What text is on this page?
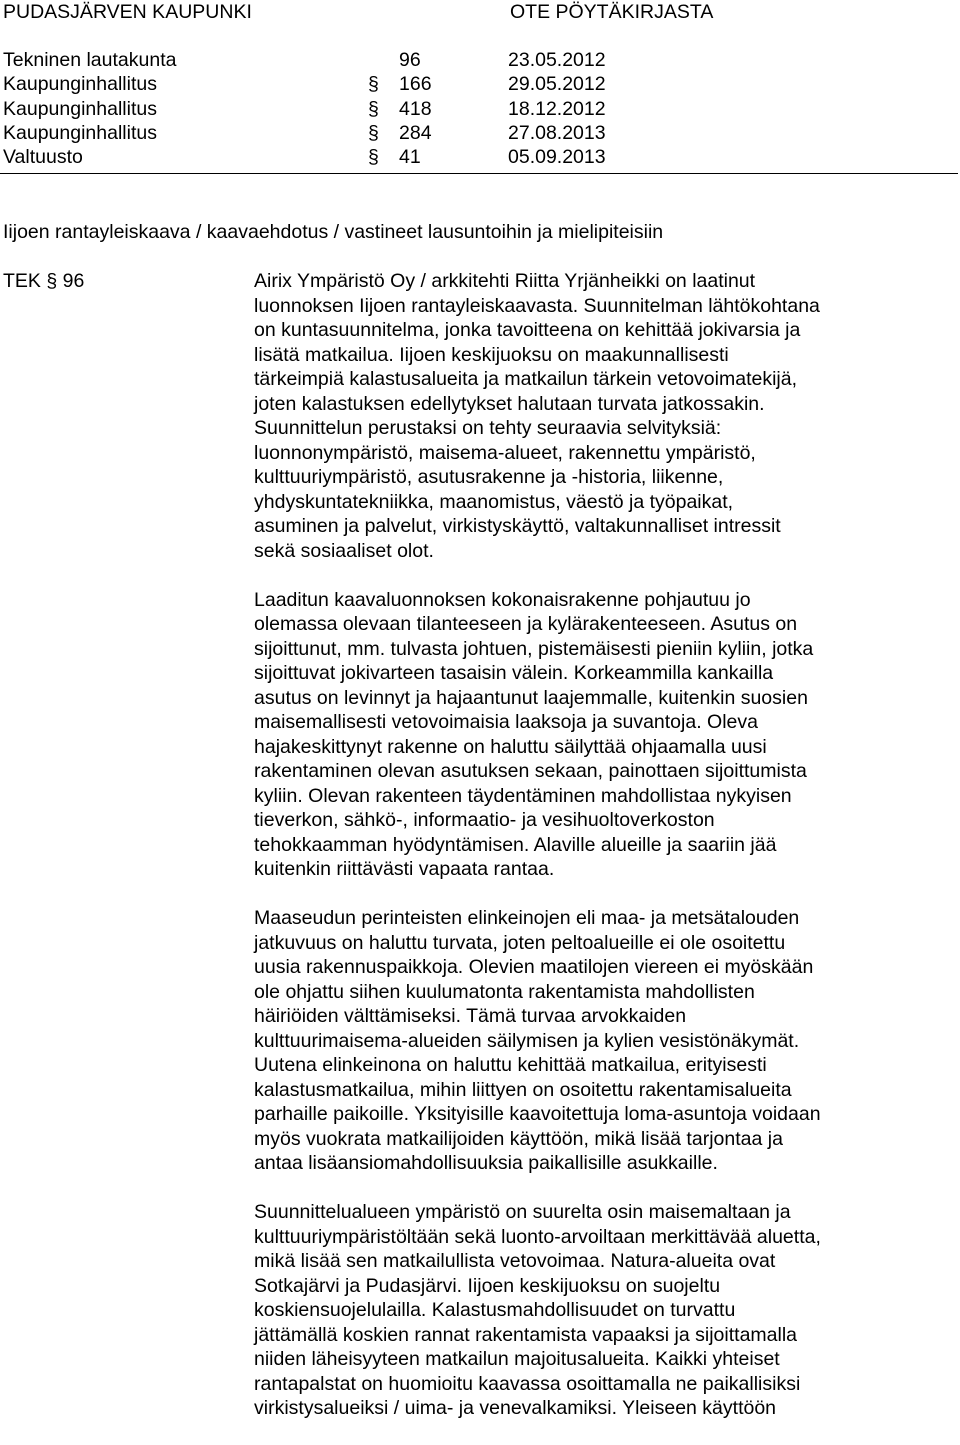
PUDASJÄRVEN KAUPUNKI	OTE PÖYTÄKIRJASTA
Tekninen lautakunta	96	23.05.2012
Kaupunginhallitus	§ 166	29.05.2012
Kaupunginhallitus	§ 418	18.12.2012
Kaupunginhallitus	§ 284	27.08.2013
Valtuusto	§ 41	05.09.2013
Iijoen rantayleiskaava / kaavaehdotus / vastineet lausuntoihin ja mielipiteisiin
TEK § 96	Airix Ympäristö Oy / arkkitehti Riitta Yrjänheikki on laatinut
luonnoksen Iijoen rantayleiskaavasta. Suunnitelman lähtökohtana
on kuntasuunnitelma, jonka tavoitteena on kehittää jokivarsia ja
lisätä matkailua. Iijoen keskijuoksu on maakunnallisesti
tärkeimpiä kalastusalueita ja matkailun tärkein vetovoimatekijä,
joten kalastuksen edellytykset halutaan turvata jatkossakin.
Suunnittelun perustaksi on tehty seuraavia selvityksiä:
luonnonympäristö, maisema-alueet, rakennettu ympäristö,
kulttuuriympäristö, asutusrakenne ja -historia, liikenne,
yhdyskuntatekniikka, maanomistus, väestö ja työpaikat,
asuminen ja palvelut, virkistyskäyttö, valtakunnalliset intressit
sekä sosiaaliset olot.
Laaditun kaavaluonnoksen kokonaisrakenne pohjautuu jo
olemassa olevaan tilanteeseen ja kylärakenteeseen. Asutus on
sijoittunut, mm. tulvasta johtuen, pistemäisesti pieniin kyliin, jotka
sijoittuvat jokivarteen tasaisin välein. Korkeammilla kankailla
asutus on levinnyt ja hajaantunut laajemmalle, kuitenkin suosien
maisemallisesti vetovoimaisia laaksoja ja suvantoja. Oleva
hajakeskittynyt rakenne on haluttu säilyttää ohjaamalla uusi
rakentaminen olevan asutuksen sekaan, painottaen sijoittumista
kyliin. Olevan rakenteen täydentäminen mahdollistaa nykyisen
tieverkon, sähkö-, informaatio- ja vesihuoltoverkoston
tehokkaamman hyödyntämisen. Alaville alueille ja saariin jää
kuitenkin riittävästi vapaata rantaa.
Maaseudun perinteisten elinkeinojen eli maa- ja metsätalouden
jatkuvuus on haluttu turvata, joten peltoalueille ei ole osoitettu
uusia rakennuspaikkoja. Olevien maatilojen viereen ei myöskään
ole ohjattu siihen kuulumatonta rakentamista mahdollisten
häiriöiden välttämiseksi. Tämä turvaa arvokkaiden
kulttuurimaisema-alueiden säilymisen ja kylien vesistönäkymät.
Uutena elinkeinona on haluttu kehittää matkailua, erityisesti
kalastusmatkailua, mihin liittyen on osoitettu rakentamisalueita
parhaille paikoille. Yksityisille kaavoitettuja loma-asuntoja voidaan
myös vuokrata matkailijoiden käyttöön, mikä lisää tarjontaa ja
antaa lisäansiomahdollisuuksia paikallisille asukkaille.
Suunnittelualueen ympäristö on suurelta osin maisemaltaan ja
kulttuuriympäristöltään sekä luonto-arvoiltaan merkittävää aluetta,
mikä lisää sen matkailullista vetovoimaa. Natura-alueita ovat
Sotkajärvi ja Pudasjärvi. Iijoen keskijuoksu on suojeltu
koskiensuojelulailla. Kalastusmahdollisuudet on turvattu
jättämällä koskien rannat rakentamista vapaaksi ja sijoittamalla
niiden läheisyyteen matkailun majoitusalueita. Kaikki yhteiset
rantapalstat on huomioitu kaavassa osoittamalla ne paikallisiksi
virkistysalueiksi / uima- ja venevalkamiksi. Yleiseen käyttöön
